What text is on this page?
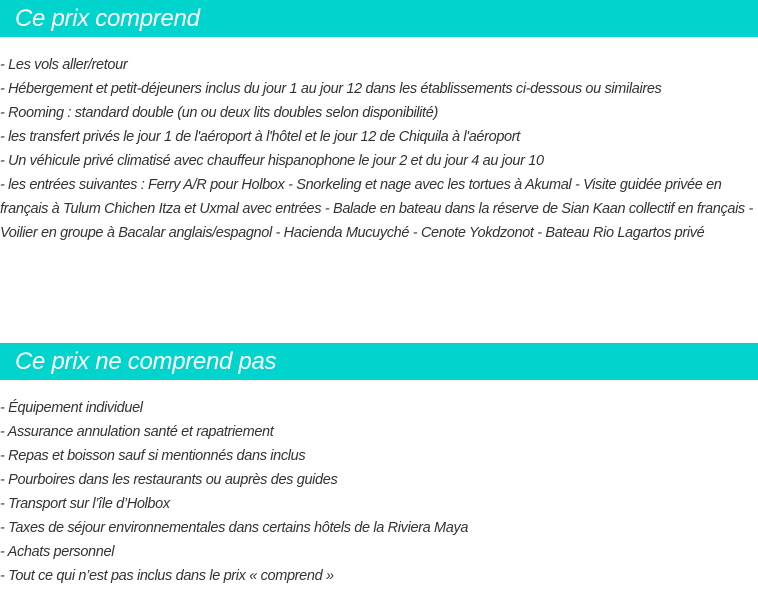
Ce prix comprend
- Les vols aller/retour
- Hébergement et petit-déjeuners inclus du jour 1 au jour 12 dans les établissements ci-dessous ou similaires
- Rooming : standard double (un ou deux lits doubles selon disponibilité)
- les transfert privés le jour 1 de l'aéroport à l'hôtel et le jour 12 de Chiquila à l'aéroport
- Un véhicule privé climatisé avec chauffeur hispanophone le jour 2 et du jour 4 au jour 10
- les entrées suivantes : Ferry A/R pour Holbox - Snorkeling et nage avec les tortues à Akumal - Visite guidée privée en français à Tulum Chichen Itza et Uxmal avec entrées - Balade en bateau dans la réserve de Sian Kaan collectif en français - Voilier en groupe à Bacalar anglais/espagnol - Hacienda Mucuyché - Cenote Yokdzonot - Bateau Rio Lagartos privé
Ce prix ne comprend pas
- Équipement individuel
- Assurance annulation santé et rapatriement
- Repas et boisson sauf si mentionnés dans inclus
- Pourboires dans les restaurants ou auprès des guides
- Transport sur l’île d’Holbox
- Taxes de séjour environnementales dans certains hôtels de la Riviera Maya
- Achats personnel
- Tout ce qui n’est pas inclus dans le prix « comprend »
